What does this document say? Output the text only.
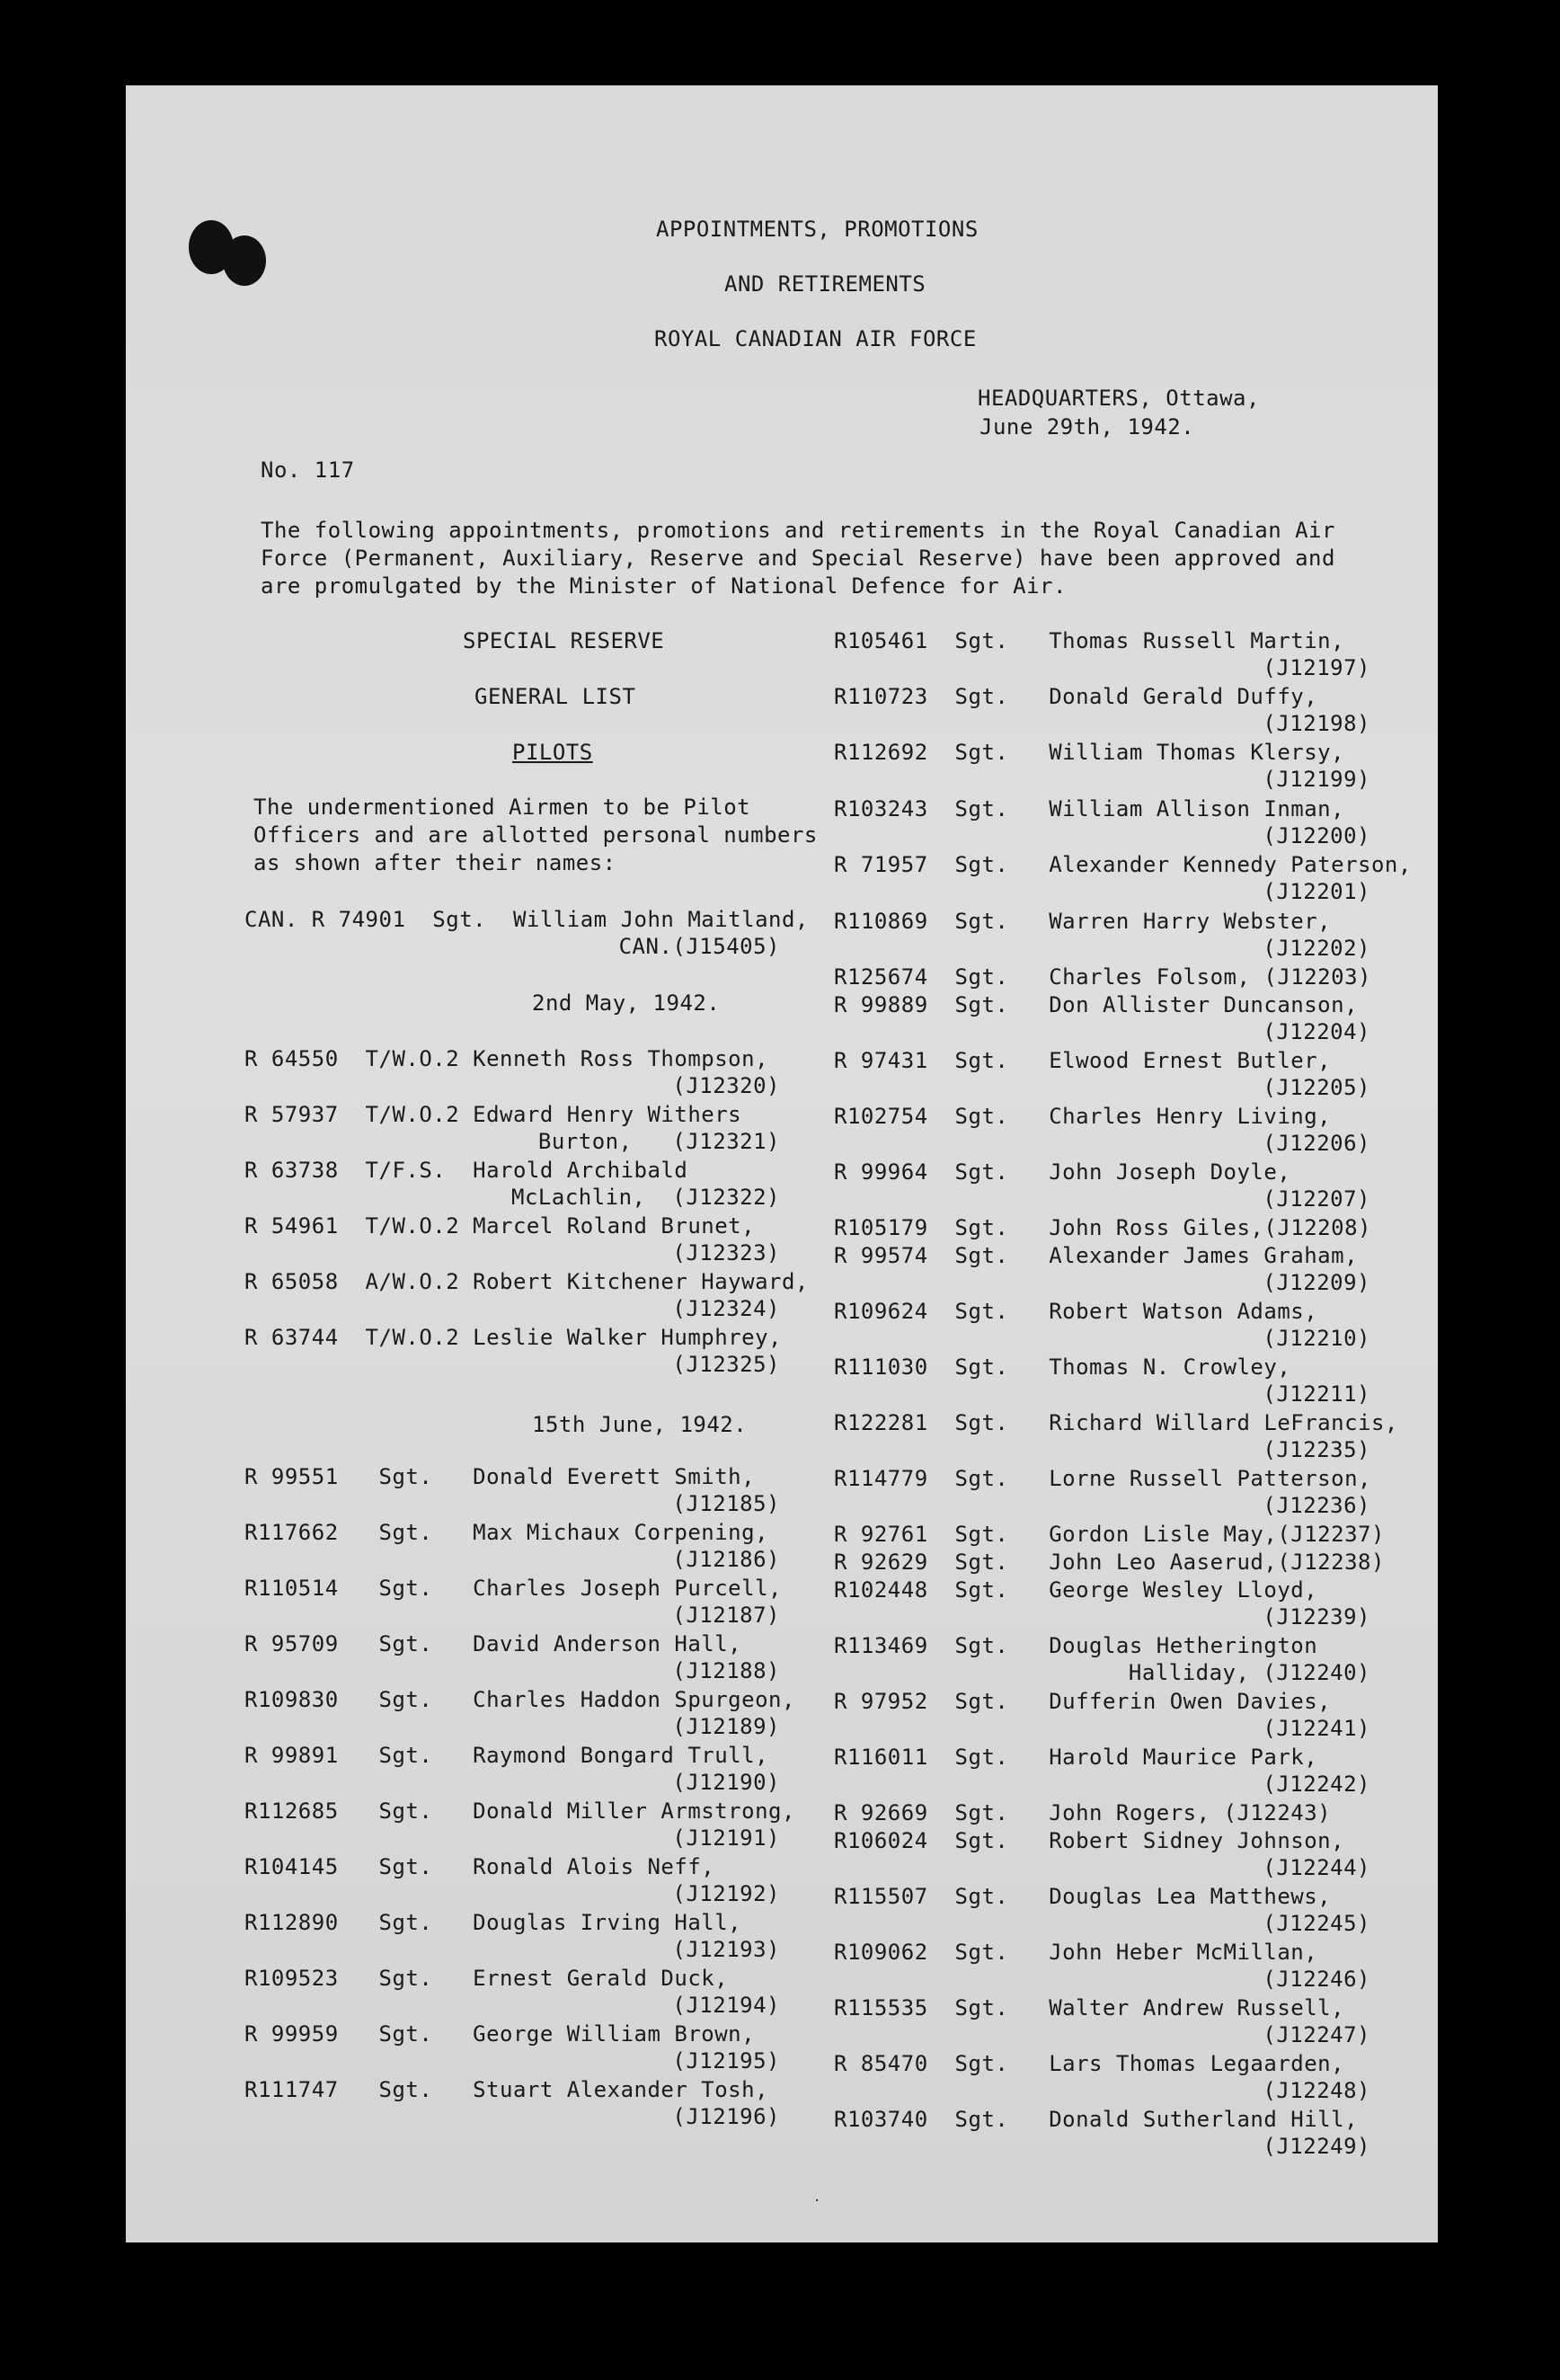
APPOINTMENTS, PROMOTIONS
AND RETIREMENTS
ROYAL CANADIAN AIR FORCE
HEADQUARTERS, Ottawa,
June 29th, 1942.
No. 117
The following appointments, promotions and retirements in the Royal Canadian Air
Force (Permanent, Auxiliary, Reserve and Special Reserve) have been approved and
are promulgated by the Minister of National Defence for Air.
SPECIAL RESERVE
GENERAL LIST
PILOTS
The undermentioned Airmen to be Pilot
Officers and are allotted personal numbers
as shown after their names:
CAN. R 74901  Sgt.  William John Maitland,
CAN.(J15405)
2nd May, 1942.
R 64550  T/W.O.2 Kenneth Ross Thompson,
(J12320)
R 57937  T/W.O.2 Edward Henry Withers
Burton,   (J12321)
R 63738  T/F.S.  Harold Archibald
McLachlin,  (J12322)
R 54961  T/W.O.2 Marcel Roland Brunet,
(J12323)
R 65058  A/W.O.2 Robert Kitchener Hayward,
(J12324)
R 63744  T/W.O.2 Leslie Walker Humphrey,
(J12325)
15th June, 1942.
R 99551   Sgt.   Donald Everett Smith,
(J12185)
R117662   Sgt.   Max Michaux Corpening,
(J12186)
R110514   Sgt.   Charles Joseph Purcell,
(J12187)
R 95709   Sgt.   David Anderson Hall,
(J12188)
R109830   Sgt.   Charles Haddon Spurgeon,
(J12189)
R 99891   Sgt.   Raymond Bongard Trull,
(J12190)
R112685   Sgt.   Donald Miller Armstrong,
(J12191)
R104145   Sgt.   Ronald Alois Neff,
(J12192)
R112890   Sgt.   Douglas Irving Hall,
(J12193)
R109523   Sgt.   Ernest Gerald Duck,
(J12194)
R 99959   Sgt.   George William Brown,
(J12195)
R111747   Sgt.   Stuart Alexander Tosh,
(J12196)
R105461  Sgt.   Thomas Russell Martin,
(J12197)
R110723  Sgt.   Donald Gerald Duffy,
(J12198)
R112692  Sgt.   William Thomas Klersy,
(J12199)
R103243  Sgt.   William Allison Inman,
(J12200)
R 71957  Sgt.   Alexander Kennedy Paterson,
(J12201)
R110869  Sgt.   Warren Harry Webster,
(J12202)
R125674  Sgt.   Charles Folsom, (J12203)
R 99889  Sgt.   Don Allister Duncanson,
(J12204)
R 97431  Sgt.   Elwood Ernest Butler,
(J12205)
R102754  Sgt.   Charles Henry Living,
(J12206)
R 99964  Sgt.   John Joseph Doyle,
(J12207)
R105179  Sgt.   John Ross Giles,(J12208)
R 99574  Sgt.   Alexander James Graham,
(J12209)
R109624  Sgt.   Robert Watson Adams,
(J12210)
R111030  Sgt.   Thomas N. Crowley,
(J12211)
R122281  Sgt.   Richard Willard LeFrancis,
(J12235)
R114779  Sgt.   Lorne Russell Patterson,
(J12236)
R 92761  Sgt.   Gordon Lisle May,(J12237)
R 92629  Sgt.   John Leo Aaserud,(J12238)
R102448  Sgt.   George Wesley Lloyd,
(J12239)
R113469  Sgt.   Douglas Hetherington
Halliday, (J12240)
R 97952  Sgt.   Dufferin Owen Davies,
(J12241)
R116011  Sgt.   Harold Maurice Park,
(J12242)
R 92669  Sgt.   John Rogers, (J12243)
R106024  Sgt.   Robert Sidney Johnson,
(J12244)
R115507  Sgt.   Douglas Lea Matthews,
(J12245)
R109062  Sgt.   John Heber McMillan,
(J12246)
R115535  Sgt.   Walter Andrew Russell,
(J12247)
R 85470  Sgt.   Lars Thomas Legaarden,
(J12248)
R103740  Sgt.   Donald Sutherland Hill,
(J12249)
.
